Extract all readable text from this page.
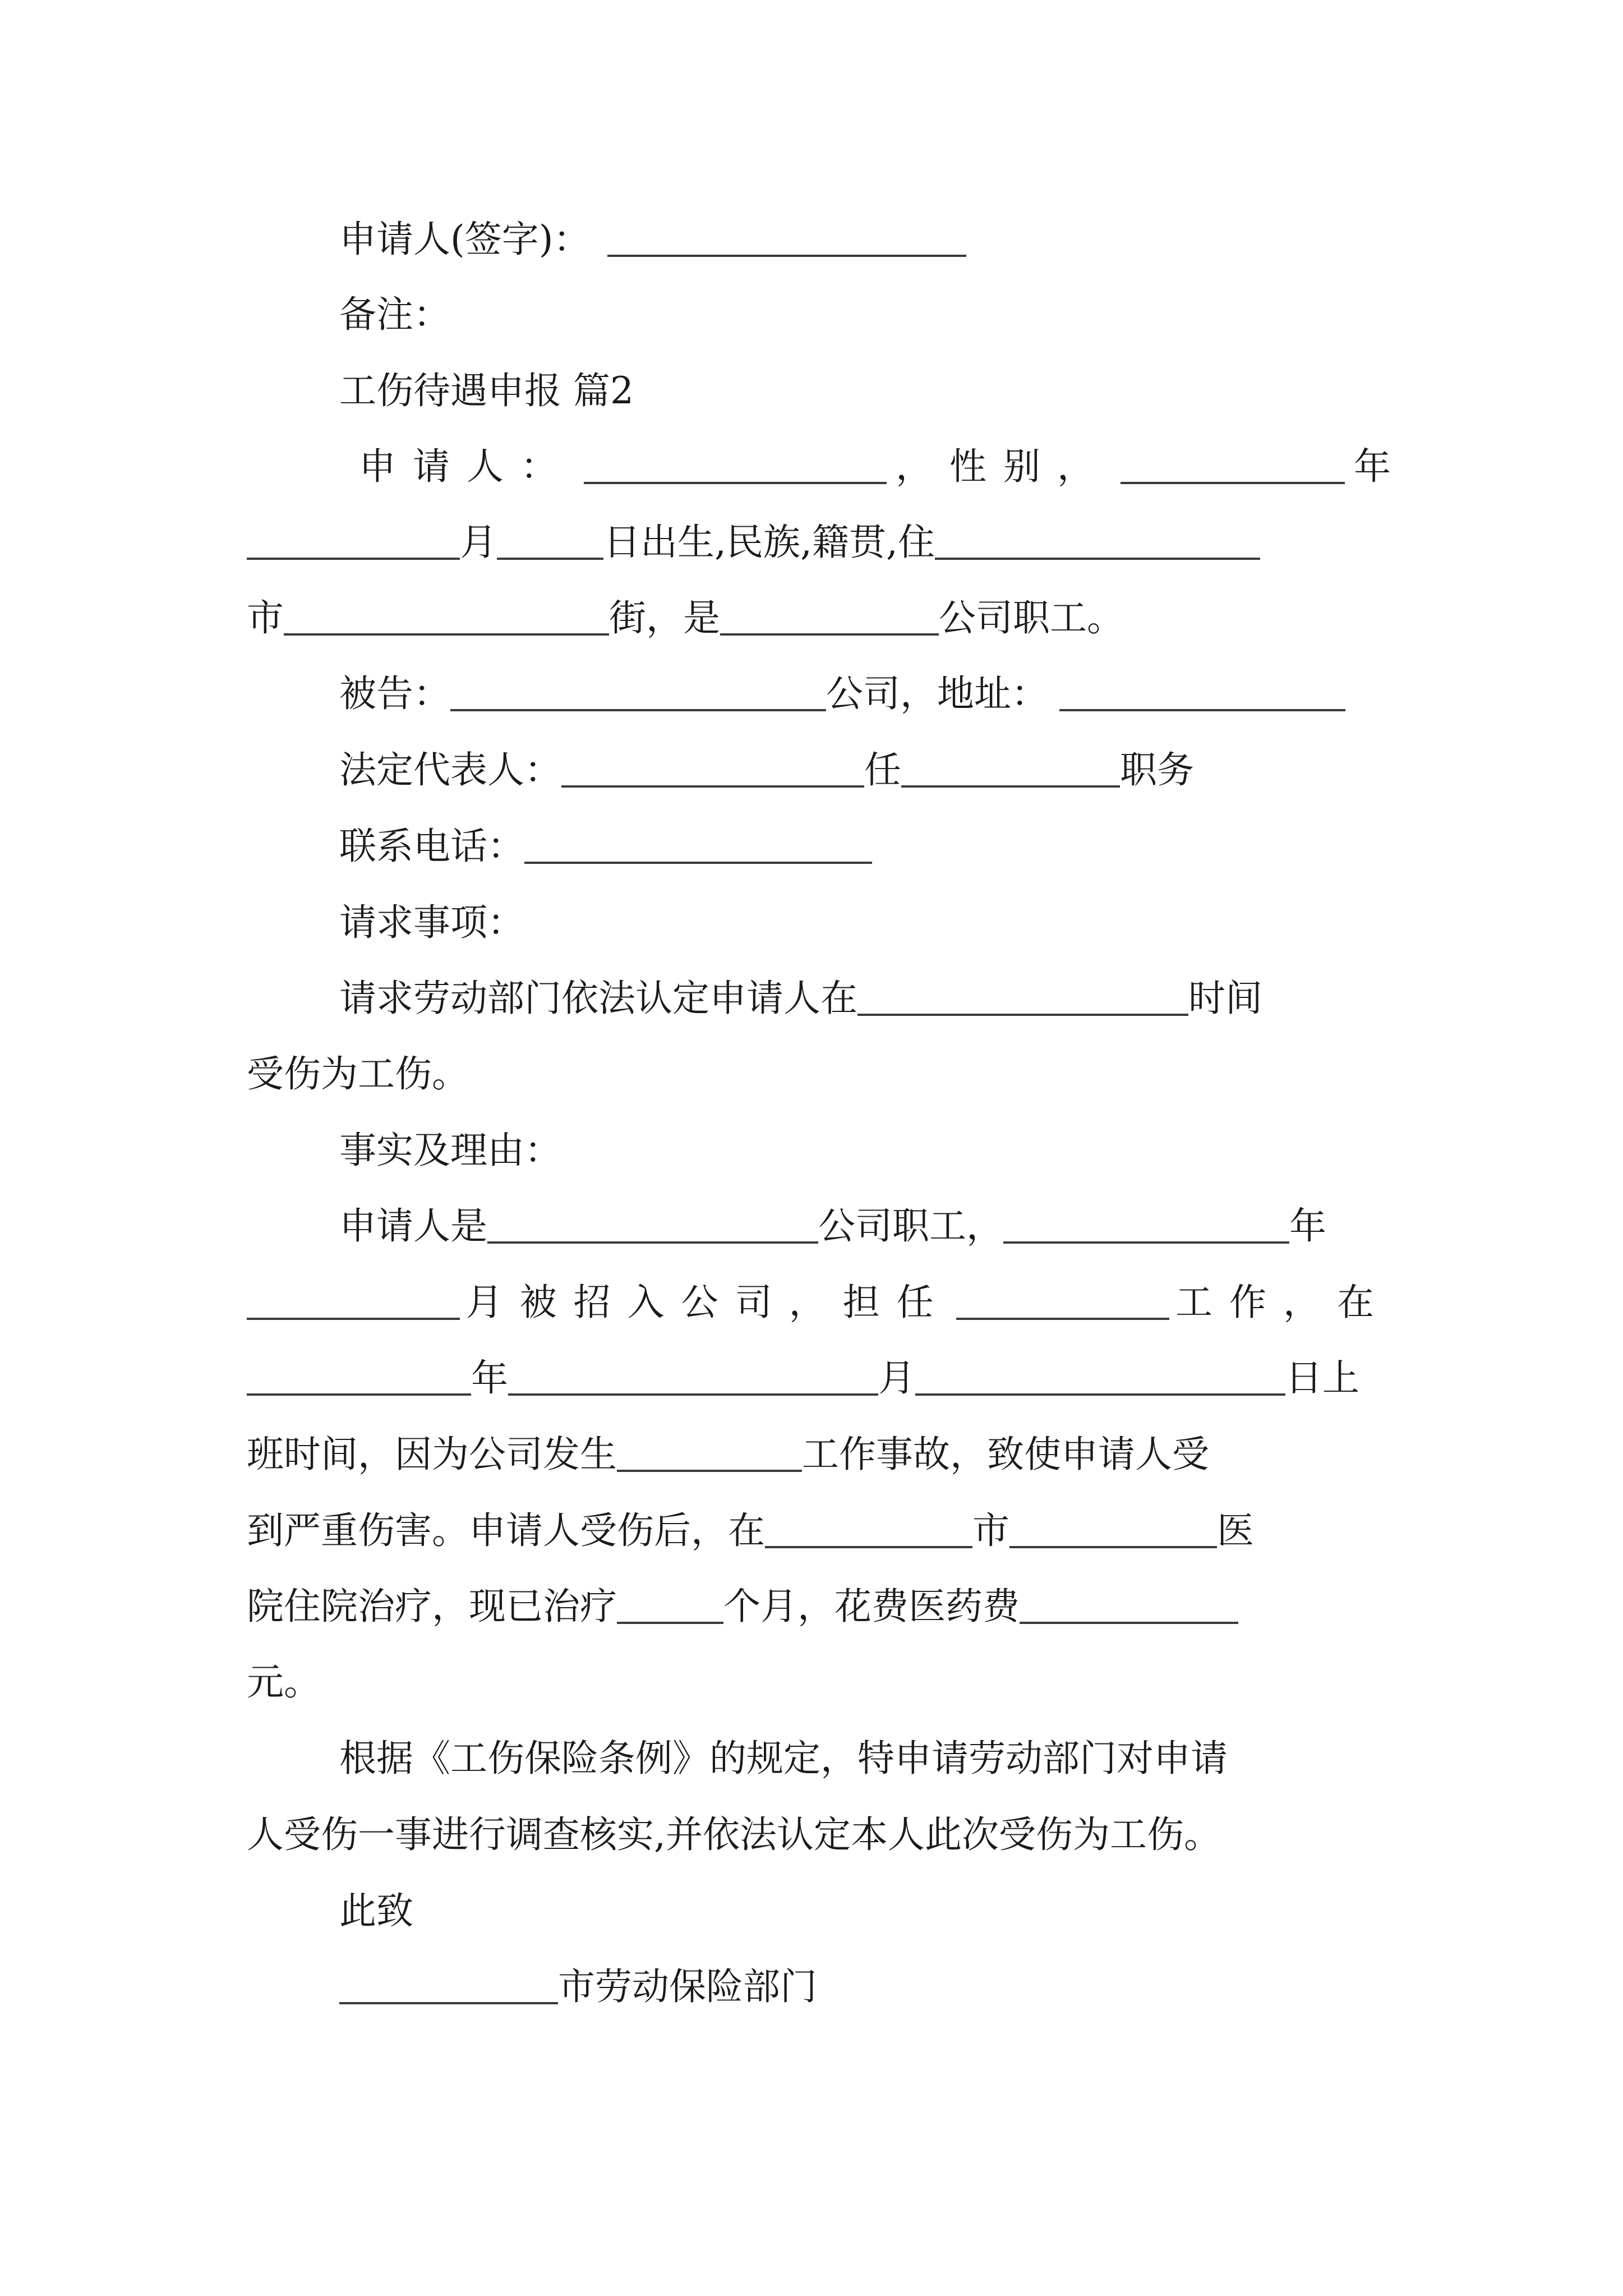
申请人(签字)：
备注：
工伤待遇申报 篇2
申请人：	，性别，	年
月	日出生,民族,籍贯,住
市	街，是	公司职工。
被告：	公司，地址：
法定代表人：	任	职务
联系电话：
请求事项：
请求劳动部门依法认定申请人在	时间
受伤为工伤。
事实及理由：
申请人是	公司职工，	年
月被招入公司，担任	工作，在
年	月	日上
班时间，因为公司发生	工作事故，致使申请人受
到严重伤害。申请人受伤后，在	市	医
院住院治疗，现已治疗	个月，花费医药费
元。
根据《工伤保险条例》的规定，特申请劳动部门对申请
人受伤一事进行调查核实,并依法认定本人此次受伤为工伤。
此致
市劳动保险部门
